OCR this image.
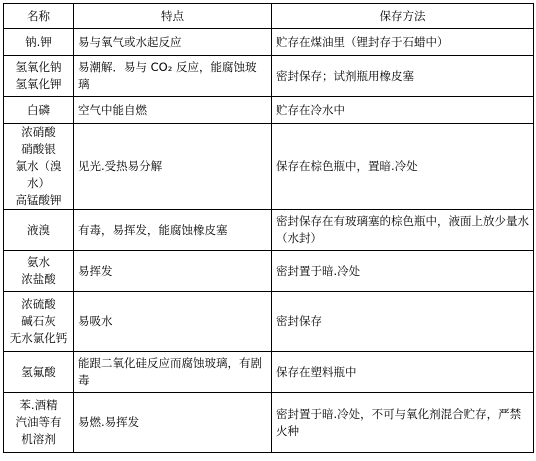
名称	特点	保存方法

钠.钾	易与氧气或水起反应	贮存在煤油里（锂封存于石蜡中）

氢氧化钠
氢氧化钾	易潮解．易与 CO₂ 反应，能腐蚀玻璃	密封保存；试剂瓶用橡皮塞

白磷	空气中能自燃	贮存在冷水中

浓硝酸
硝酸银
氯水（溴水）
高锰酸钾	见光.受热易分解	保存在棕色瓶中，置暗.冷处

液溴	有毒，易挥发，能腐蚀橡皮塞	密封保存在有玻璃塞的棕色瓶中，液面上放少量水（水封）

氨水
浓盐酸	易挥发	密封置于暗.冷处

浓硫酸
碱石灰
无水氯化钙	易吸水	密封保存

氢氟酸	能跟二氧化硅反应而腐蚀玻璃，有剧毒	保存在塑料瓶中

苯.酒精
汽油等有
机溶剂	易燃.易挥发	密封置于暗.冷处，不可与氧化剂混合贮存，严禁火种
